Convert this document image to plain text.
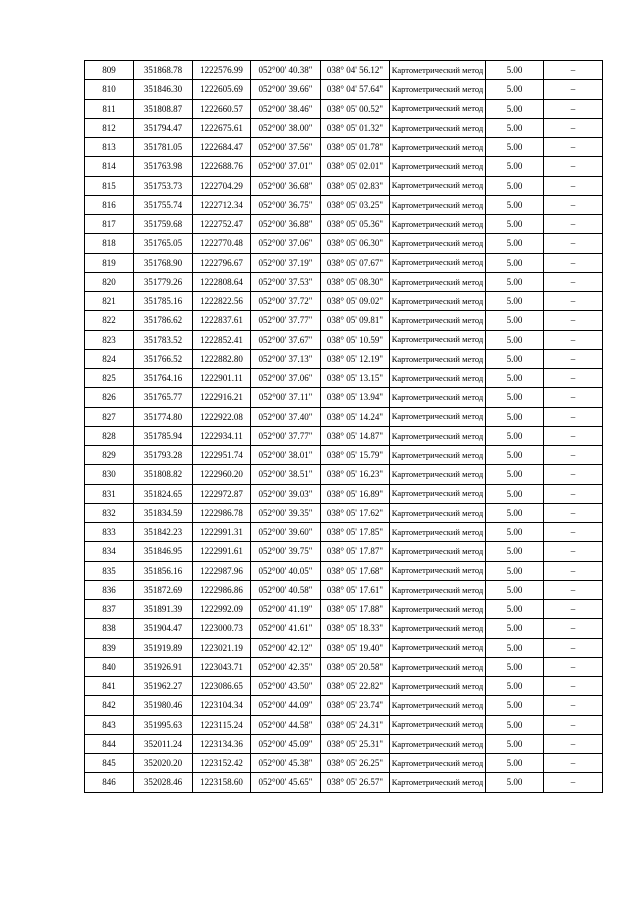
809	351868.78	1222576.99	052°00' 40.38"	038° 04' 56.12"	Картометрический метод	5.00	–
810	351846.30	1222605.69	052°00' 39.66"	038° 04' 57.64"	Картометрический метод	5.00	–
811	351808.87	1222660.57	052°00' 38.46"	038° 05' 00.52"	Картометрический метод	5.00	–
812	351794.47	1222675.61	052°00' 38.00"	038° 05' 01.32"	Картометрический метод	5.00	–
813	351781.05	1222684.47	052°00' 37.56"	038° 05' 01.78"	Картометрический метод	5.00	–
814	351763.98	1222688.76	052°00' 37.01"	038° 05' 02.01"	Картометрический метод	5.00	–
815	351753.73	1222704.29	052°00' 36.68"	038° 05' 02.83"	Картометрический метод	5.00	–
816	351755.74	1222712.34	052°00' 36.75"	038° 05' 03.25"	Картометрический метод	5.00	–
817	351759.68	1222752.47	052°00' 36.88"	038° 05' 05.36"	Картометрический метод	5.00	–
818	351765.05	1222770.48	052°00' 37.06"	038° 05' 06.30"	Картометрический метод	5.00	–
819	351768.90	1222796.67	052°00' 37.19"	038° 05' 07.67"	Картометрический метод	5.00	–
820	351779.26	1222808.64	052°00' 37.53"	038° 05' 08.30"	Картометрический метод	5.00	–
821	351785.16	1222822.56	052°00' 37.72"	038° 05' 09.02"	Картометрический метод	5.00	–
822	351786.62	1222837.61	052°00' 37.77"	038° 05' 09.81"	Картометрический метод	5.00	–
823	351783.52	1222852.41	052°00' 37.67"	038° 05' 10.59"	Картометрический метод	5.00	–
824	351766.52	1222882.80	052°00' 37.13"	038° 05' 12.19"	Картометрический метод	5.00	–
825	351764.16	1222901.11	052°00' 37.06"	038° 05' 13.15"	Картометрический метод	5.00	–
826	351765.77	1222916.21	052°00' 37.11"	038° 05' 13.94"	Картометрический метод	5.00	–
827	351774.80	1222922.08	052°00' 37.40"	038° 05' 14.24"	Картометрический метод	5.00	–
828	351785.94	1222934.11	052°00' 37.77"	038° 05' 14.87"	Картометрический метод	5.00	–
829	351793.28	1222951.74	052°00' 38.01"	038° 05' 15.79"	Картометрический метод	5.00	–
830	351808.82	1222960.20	052°00' 38.51"	038° 05' 16.23"	Картометрический метод	5.00	–
831	351824.65	1222972.87	052°00' 39.03"	038° 05' 16.89"	Картометрический метод	5.00	–
832	351834.59	1222986.78	052°00' 39.35"	038° 05' 17.62"	Картометрический метод	5.00	–
833	351842.23	1222991.31	052°00' 39.60"	038° 05' 17.85"	Картометрический метод	5.00	–
834	351846.95	1222991.61	052°00' 39.75"	038° 05' 17.87"	Картометрический метод	5.00	–
835	351856.16	1222987.96	052°00' 40.05"	038° 05' 17.68"	Картометрический метод	5.00	–
836	351872.69	1222986.86	052°00' 40.58"	038° 05' 17.61"	Картометрический метод	5.00	–
837	351891.39	1222992.09	052°00' 41.19"	038° 05' 17.88"	Картометрический метод	5.00	–
838	351904.47	1223000.73	052°00' 41.61"	038° 05' 18.33"	Картометрический метод	5.00	–
839	351919.89	1223021.19	052°00' 42.12"	038° 05' 19.40"	Картометрический метод	5.00	–
840	351926.91	1223043.71	052°00' 42.35"	038° 05' 20.58"	Картометрический метод	5.00	–
841	351962.27	1223086.65	052°00' 43.50"	038° 05' 22.82"	Картометрический метод	5.00	–
842	351980.46	1223104.34	052°00' 44.09"	038° 05' 23.74"	Картометрический метод	5.00	–
843	351995.63	1223115.24	052°00' 44.58"	038° 05' 24.31"	Картометрический метод	5.00	–
844	352011.24	1223134.36	052°00' 45.09"	038° 05' 25.31"	Картометрический метод	5.00	–
845	352020.20	1223152.42	052°00' 45.38"	038° 05' 26.25"	Картометрический метод	5.00	–
846	352028.46	1223158.60	052°00' 45.65"	038° 05' 26.57"	Картометрический метод	5.00	–
